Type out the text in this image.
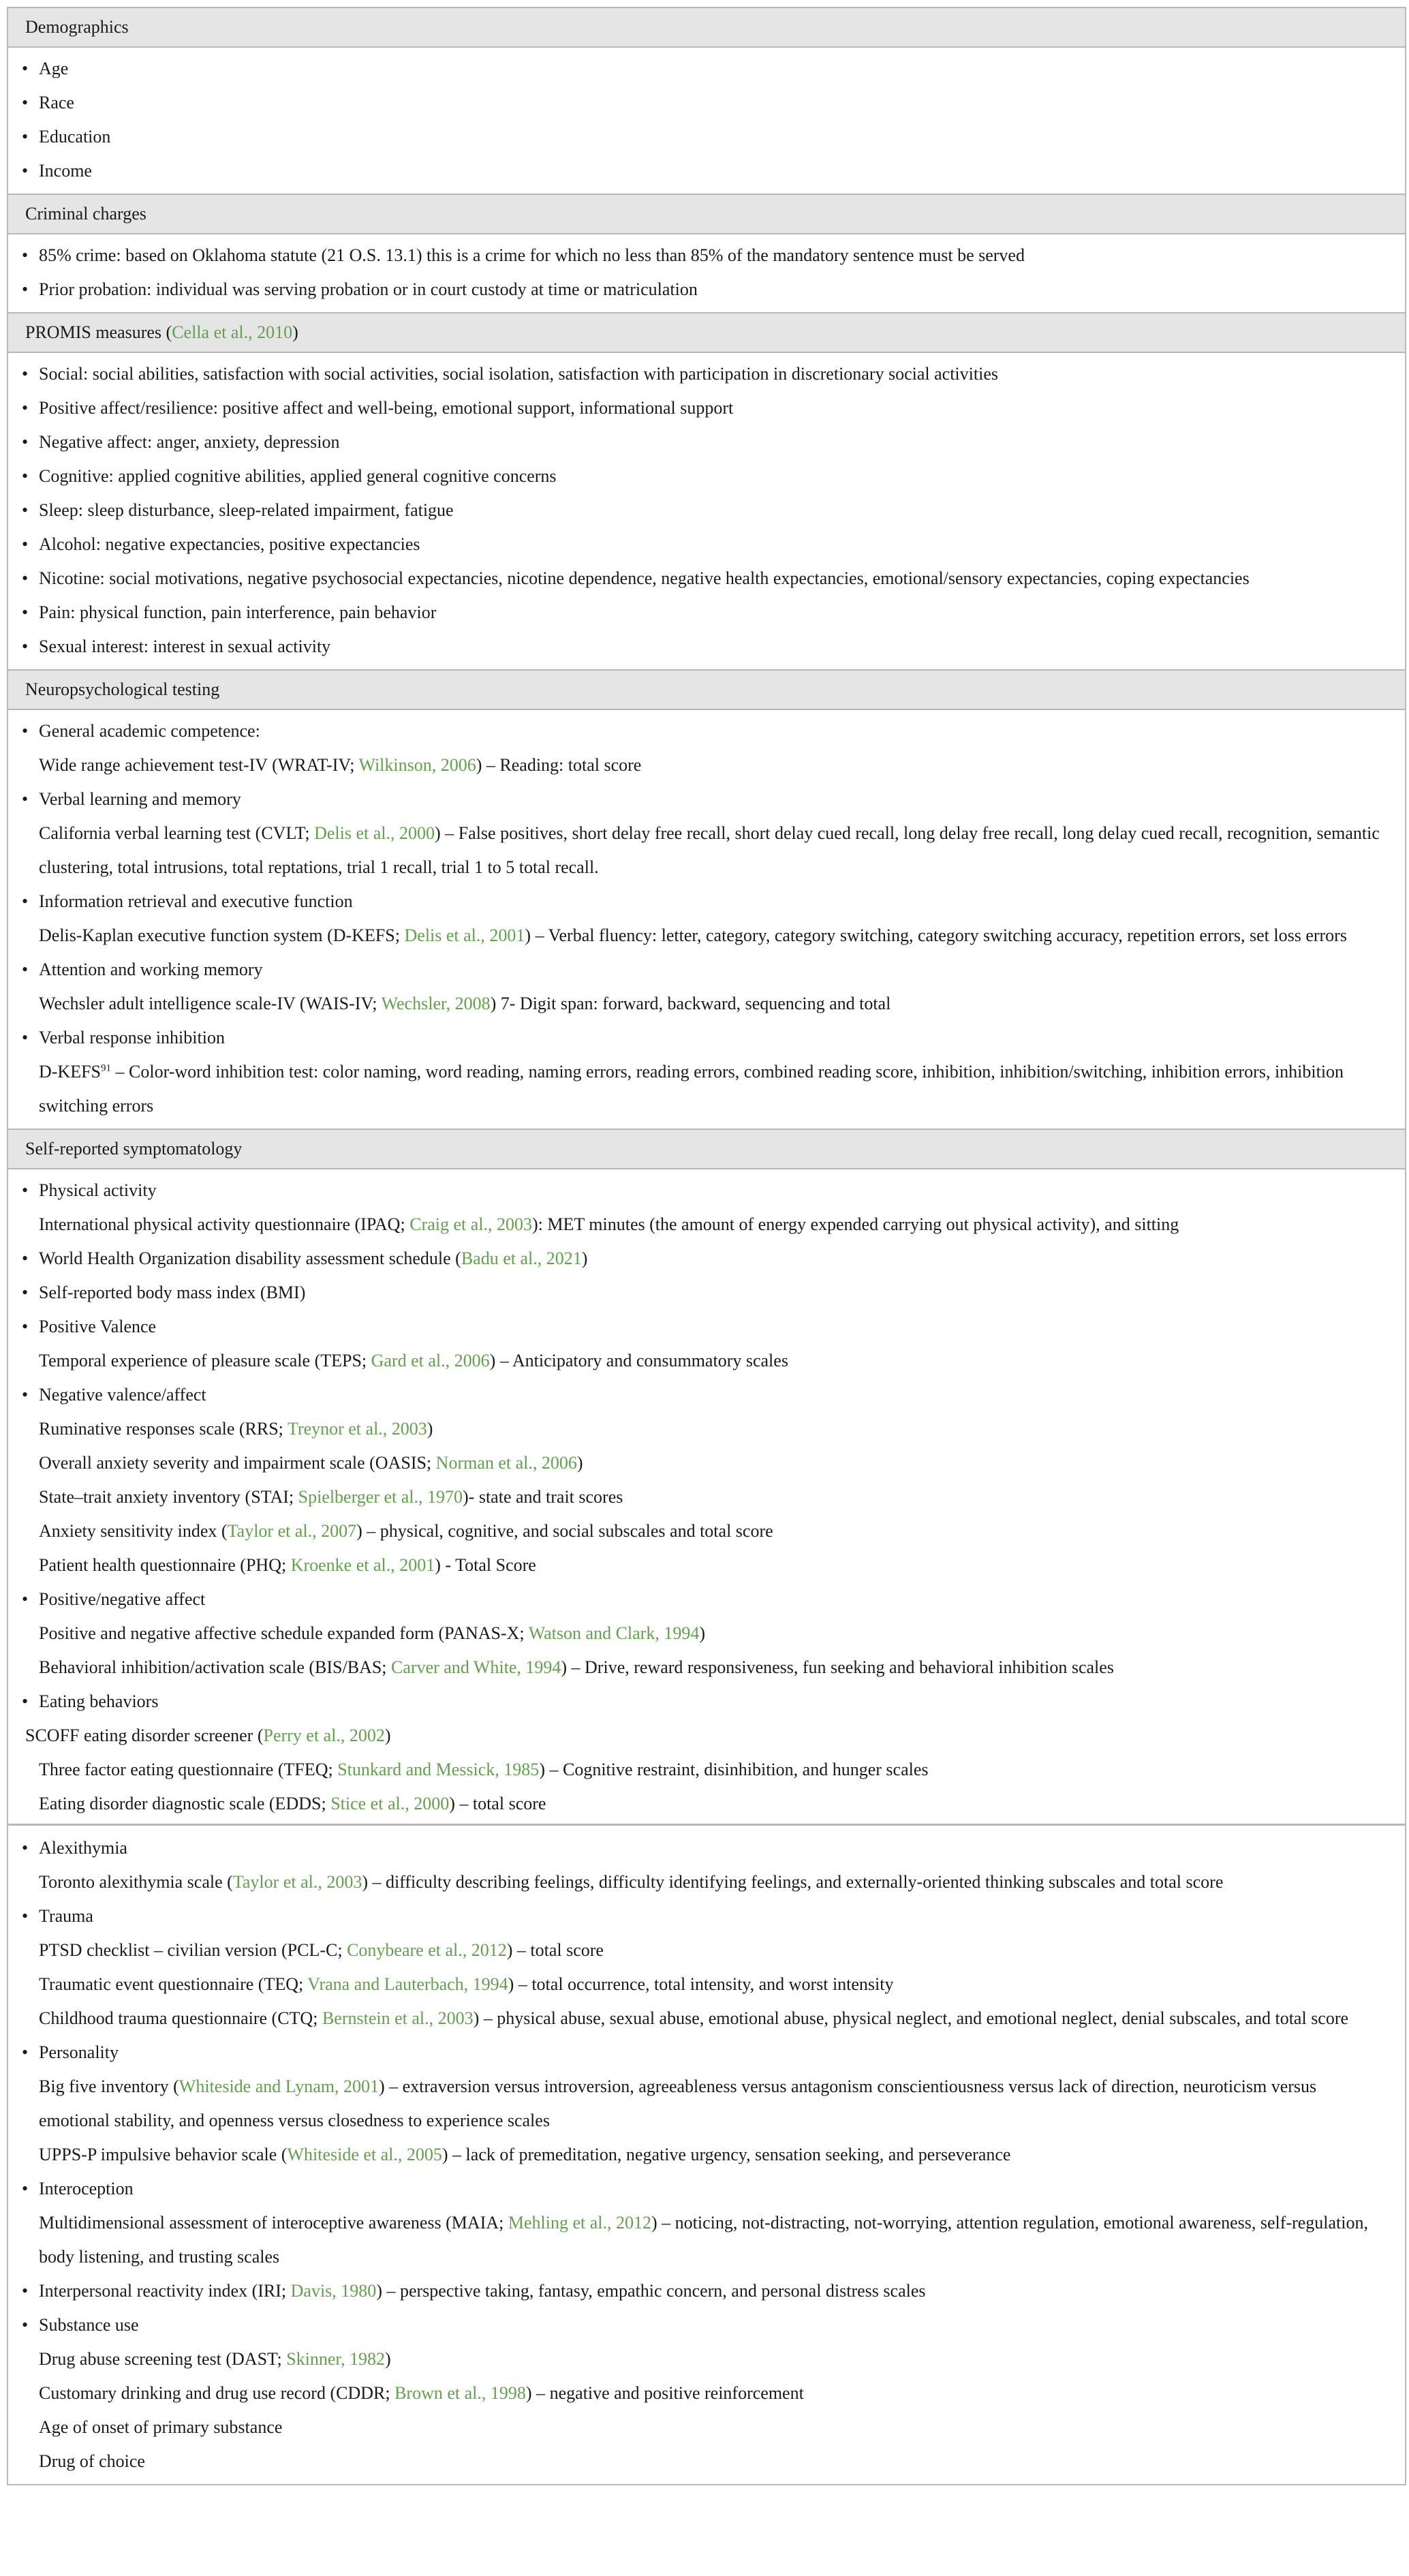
Demographics
• Age
• Race
• Education
• Income
Criminal charges
• 85% crime: based on Oklahoma statute (21 O.S. 13.1) this is a crime for which no less than 85% of the mandatory sentence must be served
• Prior probation: individual was serving probation or in court custody at time or matriculation
PROMIS measures (Cella et al., 2010)
• Social: social abilities, satisfaction with social activities, social isolation, satisfaction with participation in discretionary social activities
• Positive affect/resilience: positive affect and well-being, emotional support, informational support
• Negative affect: anger, anxiety, depression
• Cognitive: applied cognitive abilities, applied general cognitive concerns
• Sleep: sleep disturbance, sleep-related impairment, fatigue
• Alcohol: negative expectancies, positive expectancies
• Nicotine: social motivations, negative psychosocial expectancies, nicotine dependence, negative health expectancies, emotional/sensory expectancies, coping expectancies
• Pain: physical function, pain interference, pain behavior
• Sexual interest: interest in sexual activity
Neuropsychological testing
• General academic competence:
Wide range achievement test-IV (WRAT-IV; Wilkinson, 2006) – Reading: total score
• Verbal learning and memory
California verbal learning test (CVLT; Delis et al., 2000) – False positives, short delay free recall, short delay cued recall, long delay free recall, long delay cued recall, recognition, semantic clustering, total intrusions, total reptations, trial 1 recall, trial 1 to 5 total recall.
• Information retrieval and executive function
Delis-Kaplan executive function system (D-KEFS; Delis et al., 2001) – Verbal fluency: letter, category, category switching, category switching accuracy, repetition errors, set loss errors
• Attention and working memory
Wechsler adult intelligence scale-IV (WAIS-IV; Wechsler, 2008) 7- Digit span: forward, backward, sequencing and total
• Verbal response inhibition
D-KEFS$^{91}$ – Color-word inhibition test: color naming, word reading, naming errors, reading errors, combined reading score, inhibition, inhibition/switching, inhibition errors, inhibition switching errors
Self-reported symptomatology
• Physical activity
International physical activity questionnaire (IPAQ; Craig et al., 2003): MET minutes (the amount of energy expended carrying out physical activity), and sitting
• World Health Organization disability assessment schedule (Badu et al., 2021)
• Self-reported body mass index (BMI)
• Positive Valence
Temporal experience of pleasure scale (TEPS; Gard et al., 2006) – Anticipatory and consummatory scales
• Negative valence/affect
Ruminative responses scale (RRS; Treynor et al., 2003)
Overall anxiety severity and impairment scale (OASIS; Norman et al., 2006)
State–trait anxiety inventory (STAI; Spielberger et al., 1970)- state and trait scores
Anxiety sensitivity index (Taylor et al., 2007) – physical, cognitive, and social subscales and total score
Patient health questionnaire (PHQ; Kroenke et al., 2001) - Total Score
• Positive/negative affect
Positive and negative affective schedule expanded form (PANAS-X; Watson and Clark, 1994)
Behavioral inhibition/activation scale (BIS/BAS; Carver and White, 1994) – Drive, reward responsiveness, fun seeking and behavioral inhibition scales
• Eating behaviors
SCOFF eating disorder screener (Perry et al., 2002)
Three factor eating questionnaire (TFEQ; Stunkard and Messick, 1985) – Cognitive restraint, disinhibition, and hunger scales
Eating disorder diagnostic scale (EDDS; Stice et al., 2000) – total score
• Alexithymia
Toronto alexithymia scale (Taylor et al., 2003) – difficulty describing feelings, difficulty identifying feelings, and externally-oriented thinking subscales and total score
• Trauma
PTSD checklist – civilian version (PCL-C; Conybeare et al., 2012) – total score
Traumatic event questionnaire (TEQ; Vrana and Lauterbach, 1994) – total occurrence, total intensity, and worst intensity
Childhood trauma questionnaire (CTQ; Bernstein et al., 2003) – physical abuse, sexual abuse, emotional abuse, physical neglect, and emotional neglect, denial subscales, and total score
• Personality
Big five inventory (Whiteside and Lynam, 2001) – extraversion versus introversion, agreeableness versus antagonism conscientiousness versus lack of direction, neuroticism versus emotional stability, and openness versus closedness to experience scales
UPPS-P impulsive behavior scale (Whiteside et al., 2005) – lack of premeditation, negative urgency, sensation seeking, and perseverance
• Interoception
Multidimensional assessment of interoceptive awareness (MAIA; Mehling et al., 2012) – noticing, not-distracting, not-worrying, attention regulation, emotional awareness, self-regulation, body listening, and trusting scales
• Interpersonal reactivity index (IRI; Davis, 1980) – perspective taking, fantasy, empathic concern, and personal distress scales
• Substance use
Drug abuse screening test (DAST; Skinner, 1982)
Customary drinking and drug use record (CDDR; Brown et al., 1998) – negative and positive reinforcement
Age of onset of primary substance
Drug of choice
